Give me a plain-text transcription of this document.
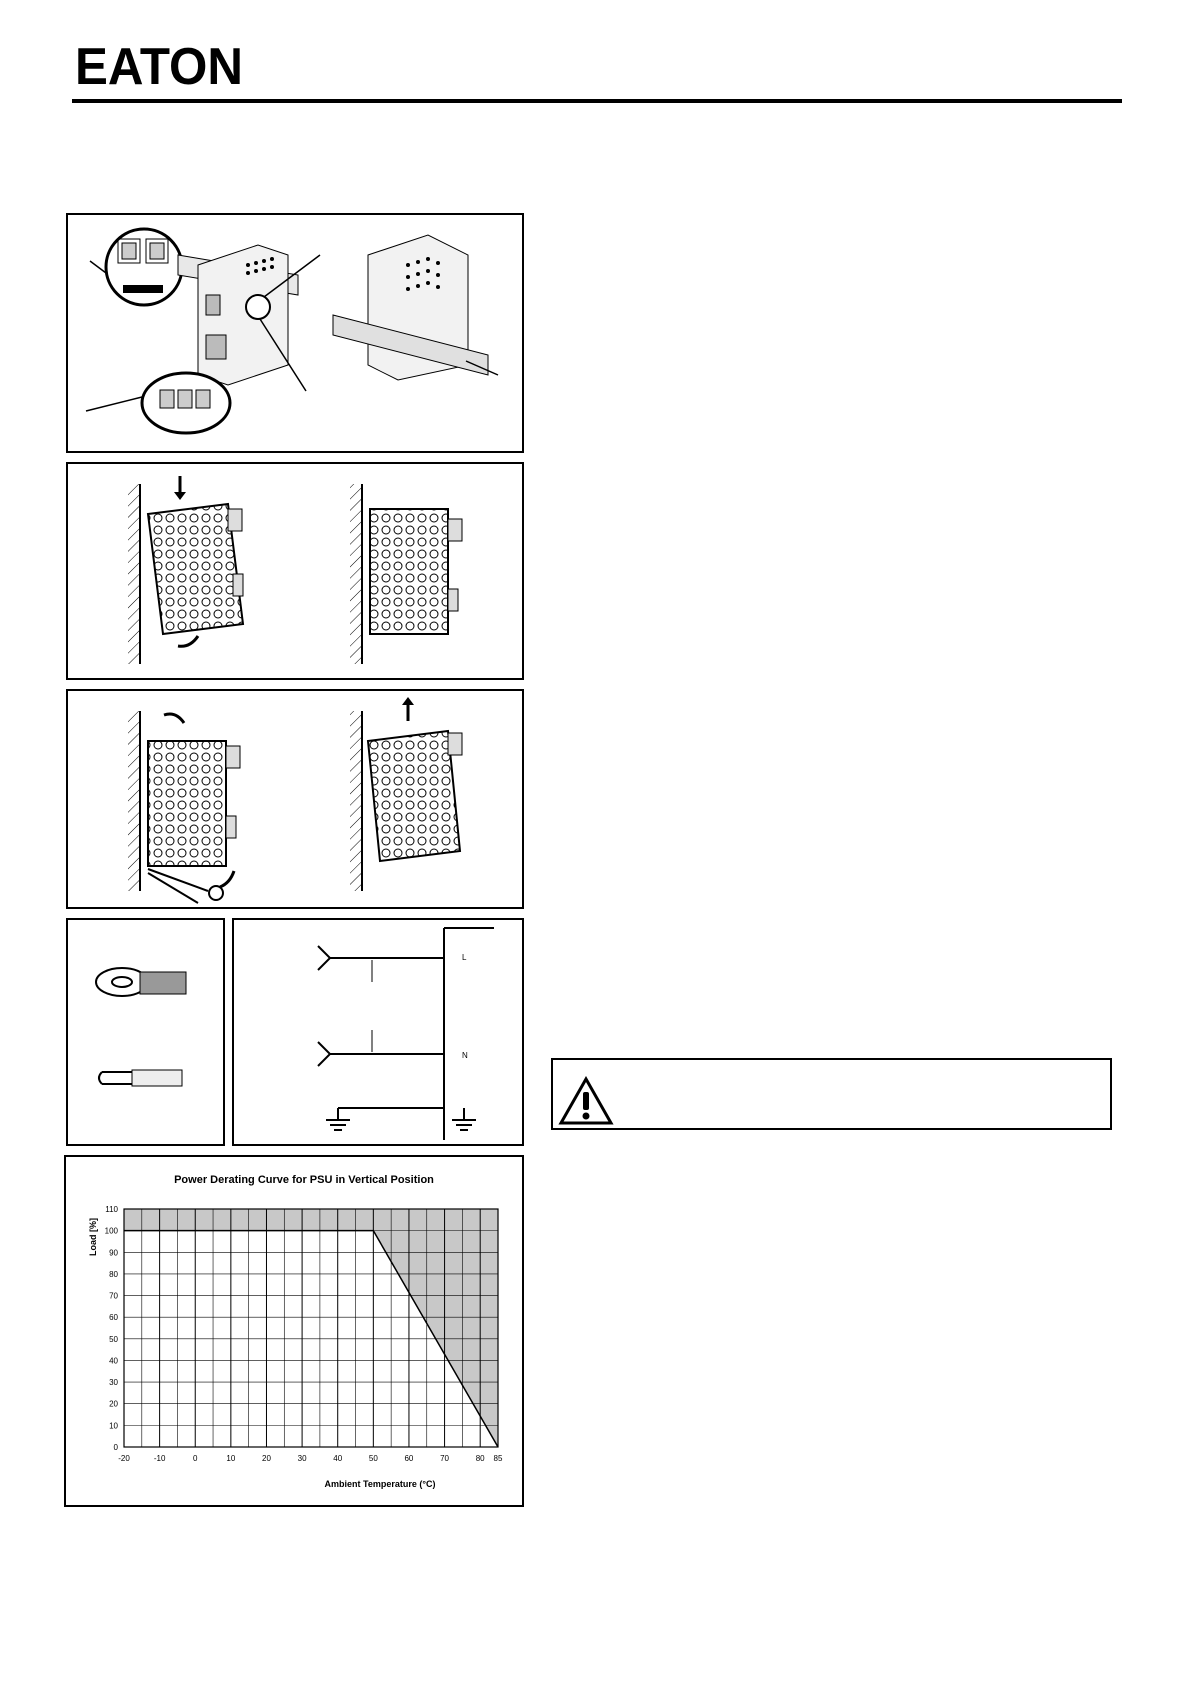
EATON
L
N
Power Derating Curve for PSU in Vertical Position
Ambient Temperature (°C)
Load [%]
-20	-10	0	10	20	30	40	50	60	70	80 85
0
10
20
30
40
50
60
70
80
90
100
110
